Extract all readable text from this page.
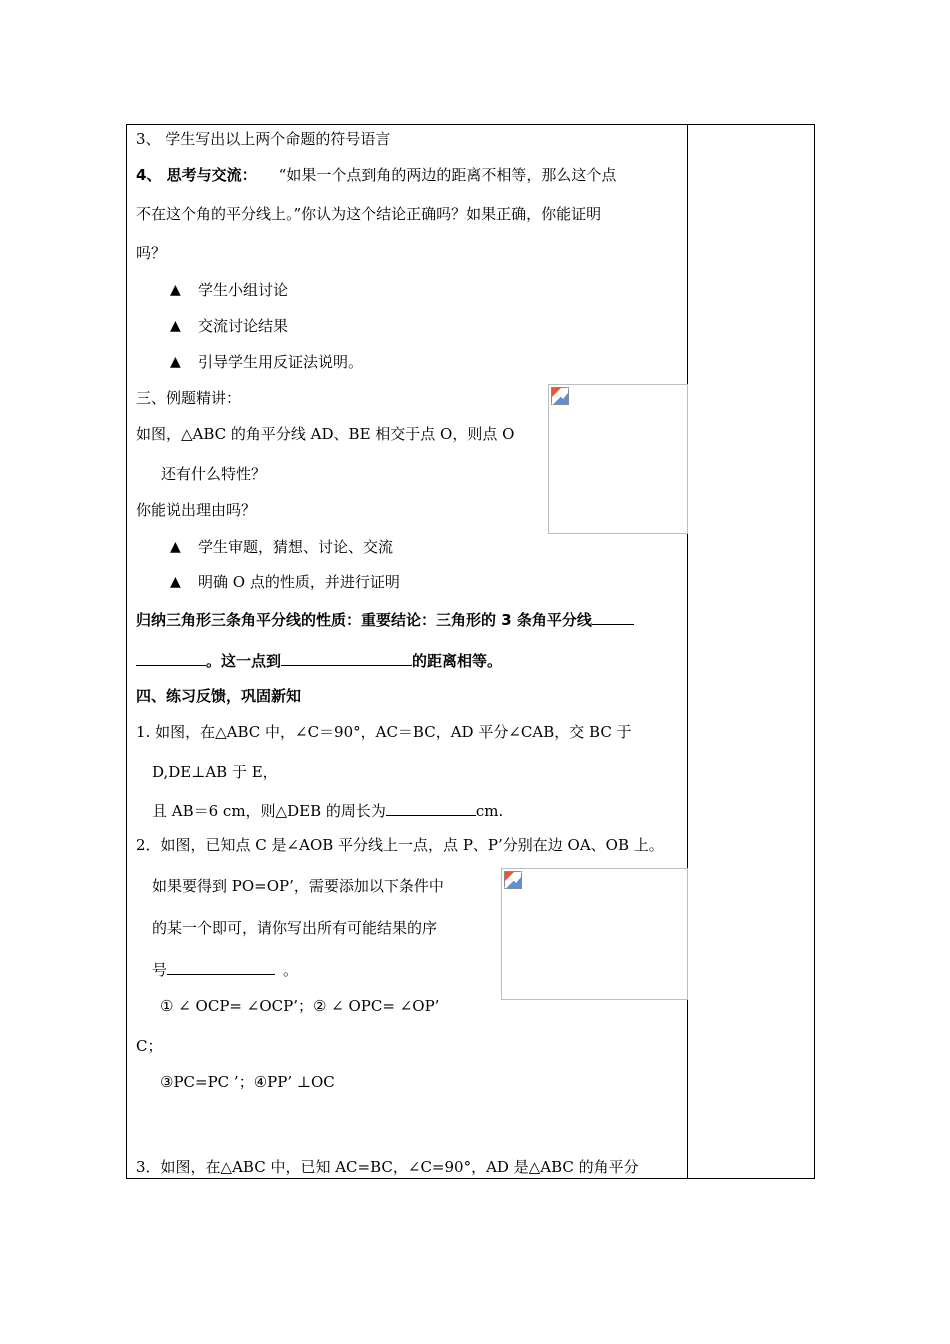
3、 学生写出以上两个命题的符号语言
4、 思考与交流： “如果一个点到角的两边的距离不相等，那么这个点
不在这个角的平分线上。”你认为这个结论正确吗？如果正确，你能证明
吗？
▲ 学生小组讨论
▲ 交流讨论结果
▲ 引导学生用反证法说明。
三、例题精讲：
如图，△ABC 的角平分线 AD、BE 相交于点 O，则点 O
还有什么特性？
你能说出理由吗？
▲ 学生审题，猜想、讨论、交流
▲ 明确 O 点的性质，并进行证明
归纳三角形三条角平分线的性质：重要结论：三角形的 3 条角平分线
。这一点到	的距离相等。
四、练习反馈，巩固新知
1. 如图，在△ABC 中，∠C＝90°，AC＝BC，AD 平分∠CAB，交 BC 于
D,DE⊥AB 于 E，
且 AB＝6 cm，则△DEB 的周长为	cm.
2．如图，已知点 C 是∠AOB 平分线上一点，点 P、P’分别在边 OA、OB 上。
如果要得到 PO=OP’，需要添加以下条件中
的某一个即可，请你写出所有可能结果的序
号	。
① ∠ OCP= ∠OCP’；② ∠ OPC= ∠OP’
C；
③PC=PC ’；④PP’ ⊥OC
3．如图，在△ABC 中，已知 AC=BC，∠C=90°，AD 是△ABC 的角平分
